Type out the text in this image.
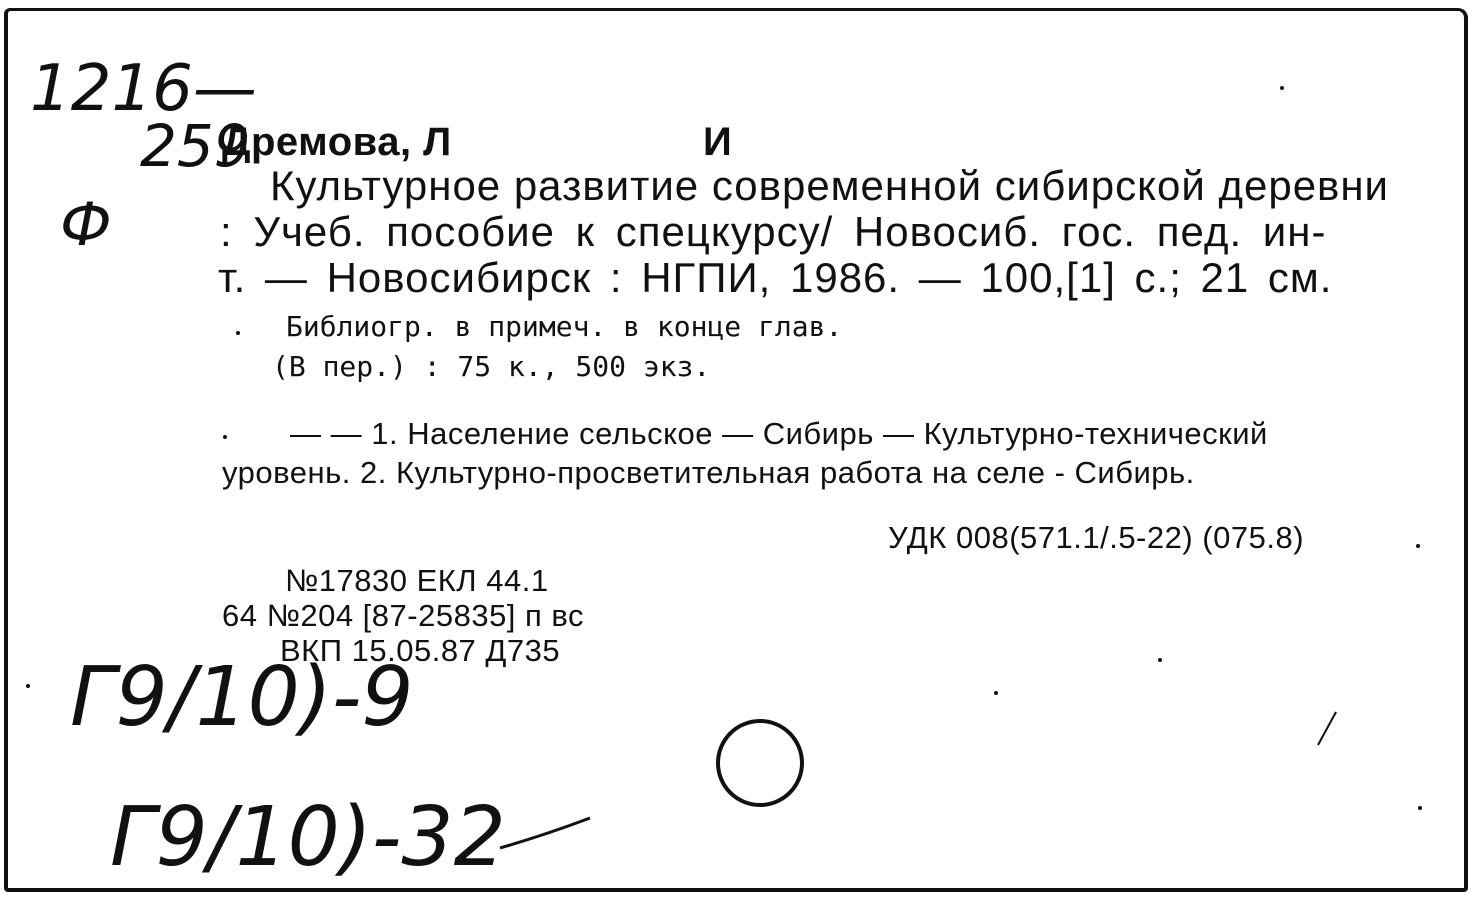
Дремова, Л	И
Культурное развитие современной сибирской деревни
: Учеб. пособие к спецкурсу/ Новосиб. гос. пед. ин-
т. — Новосибирск : НГПИ, 1986. — 100,[1] с.; 21 см.
Библиогр. в примеч. в конце глав.
(В пер.) : 75 к., 500 экз.
— — 1. Население сельское — Сибирь — Культурно-технический
уровень. 2. Культурно-просветительная работа на селе - Сибирь.
УДК 008(571.1/.5-22) (075.8)
№17830 ЕКЛ 44.1
64 №204 [87-25835] п вс
ВКП 15.05.87 Д735
1216—
259
Ф
Г9/10)-9
Г9/10)-32
